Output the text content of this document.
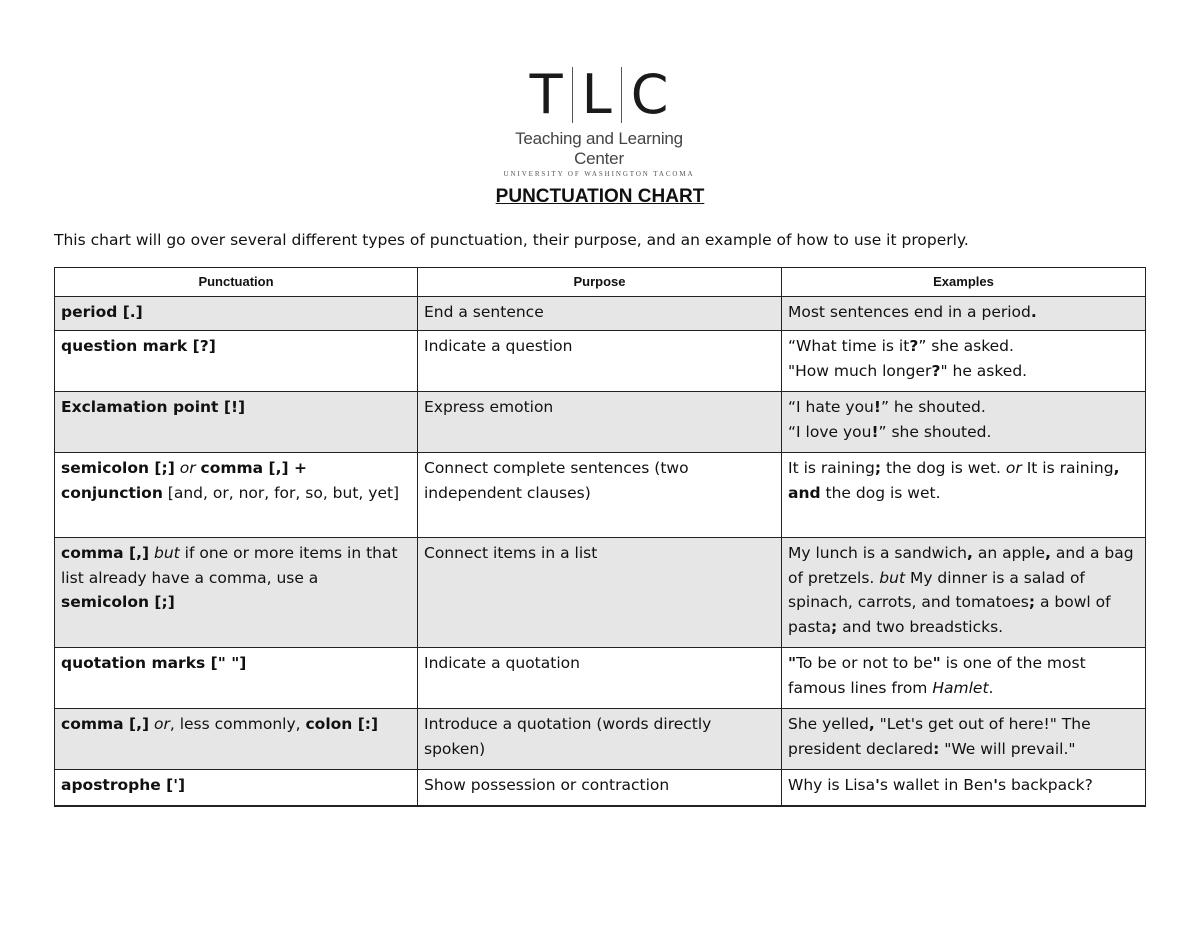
T L C
Teaching and Learning Center
UNIVERSITY OF WASHINGTON TACOMA
PUNCTUATION CHART
This chart will go over several different types of punctuation, their purpose, and an example of how to use it properly.
Punctuation	Purpose	Examples
period [.]	End a sentence	Most sentences end in a period.
question mark [?]	Indicate a question	“What time is it?” she asked.
"How much longer?" he asked.
Exclamation point [!]	Express emotion	“I hate you!” he shouted.
“I love you!” she shouted.
semicolon [;] or comma [,] + conjunction [and, or, nor, for, so, but, yet]	Connect complete sentences (two independent clauses)	It is raining; the dog is wet. or It is raining, and the dog is wet.
comma [,] but if one or more items in that list already have a comma, use a semicolon [;]	Connect items in a list	My lunch is a sandwich, an apple, and a bag of pretzels. but My dinner is a salad of spinach, carrots, and tomatoes; a bowl of pasta; and two breadsticks.
quotation marks [" "]	Indicate a quotation	"To be or not to be" is one of the most famous lines from Hamlet.
comma [,] or, less commonly, colon [:]	Introduce a quotation (words directly spoken)	She yelled, "Let's get out of here!" The president declared: "We will prevail."
apostrophe [']	Show possession or contraction	Why is Lisa's wallet in Ben's backpack?
